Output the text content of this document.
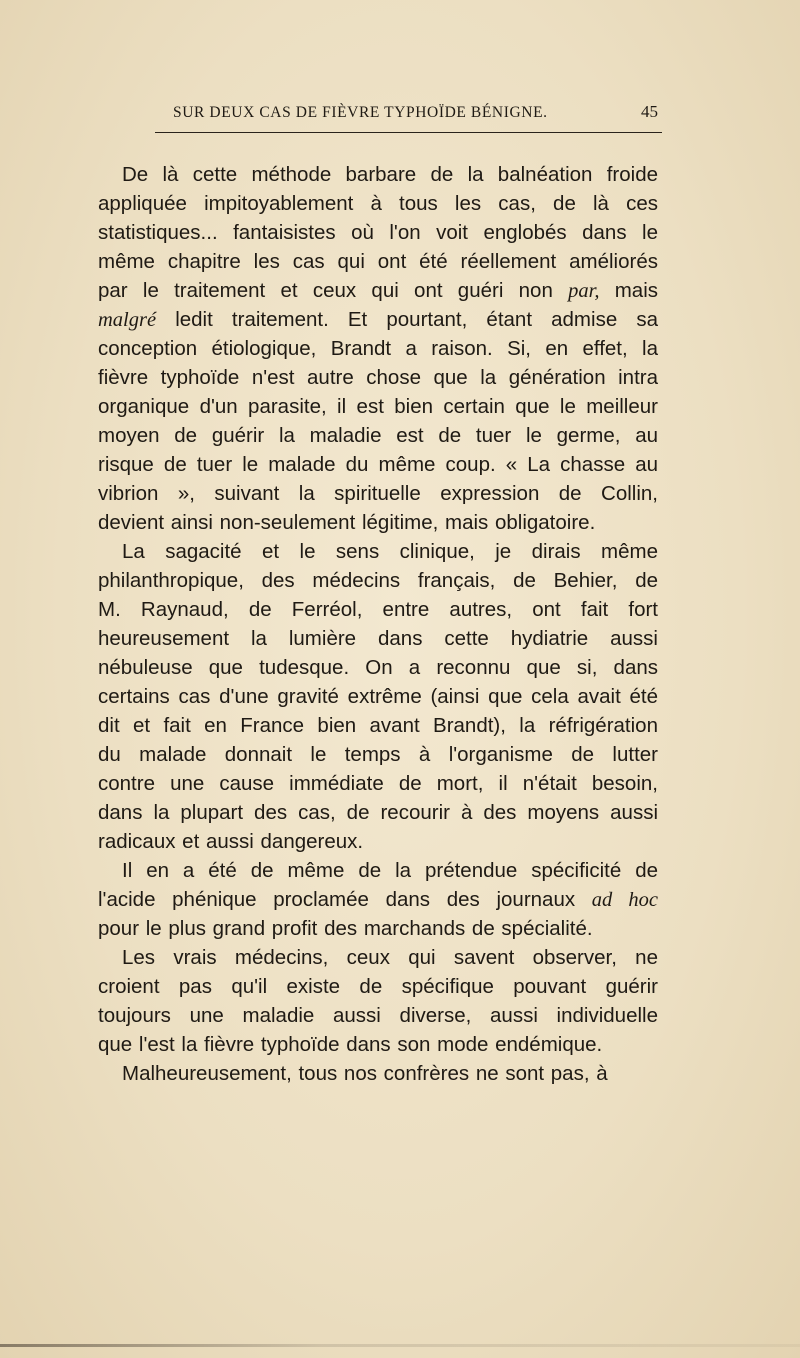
SUR DEUX CAS DE FIÈVRE TYPHOÏDE BÉNIGNE.	45
De là cette méthode barbare de la balnéation froide
appliquée impitoyablement à tous les cas, de là ces
statistiques... fantaisistes où l'on voit englobés dans le
même chapitre les cas qui ont été réellement améliorés
par le traitement et ceux qui ont guéri non par, mais
malgré ledit traitement. Et pourtant, étant admise sa
conception étiologique, Brandt a raison. Si, en effet, la
fièvre typhoïde n'est autre chose que la génération intra
organique d'un parasite, il est bien certain que le meilleur
moyen de guérir la maladie est de tuer le germe, au
risque de tuer le malade du même coup. « La chasse au
vibrion », suivant la spirituelle expression de Collin,
devient ainsi non-seulement légitime, mais obligatoire.
La sagacité et le sens clinique, je dirais même
philanthropique, des médecins français, de Behier, de
M. Raynaud, de Ferréol, entre autres, ont fait fort
heureusement la lumière dans cette hydiatrie aussi
nébuleuse que tudesque. On a reconnu que si, dans
certains cas d'une gravité extrême (ainsi que cela avait été
dit et fait en France bien avant Brandt), la réfrigération
du malade donnait le temps à l'organisme de lutter
contre une cause immédiate de mort, il n'était besoin,
dans la plupart des cas, de recourir à des moyens aussi
radicaux et aussi dangereux.
Il en a été de même de la prétendue spécificité de
l'acide phénique proclamée dans des journaux ad hoc
pour le plus grand profit des marchands de spécialité.
Les vrais médecins, ceux qui savent observer, ne
croient pas qu'il existe de spécifique pouvant guérir
toujours une maladie aussi diverse, aussi individuelle
que l'est la fièvre typhoïde dans son mode endémique.
Malheureusement, tous nos confrères ne sont pas, à
